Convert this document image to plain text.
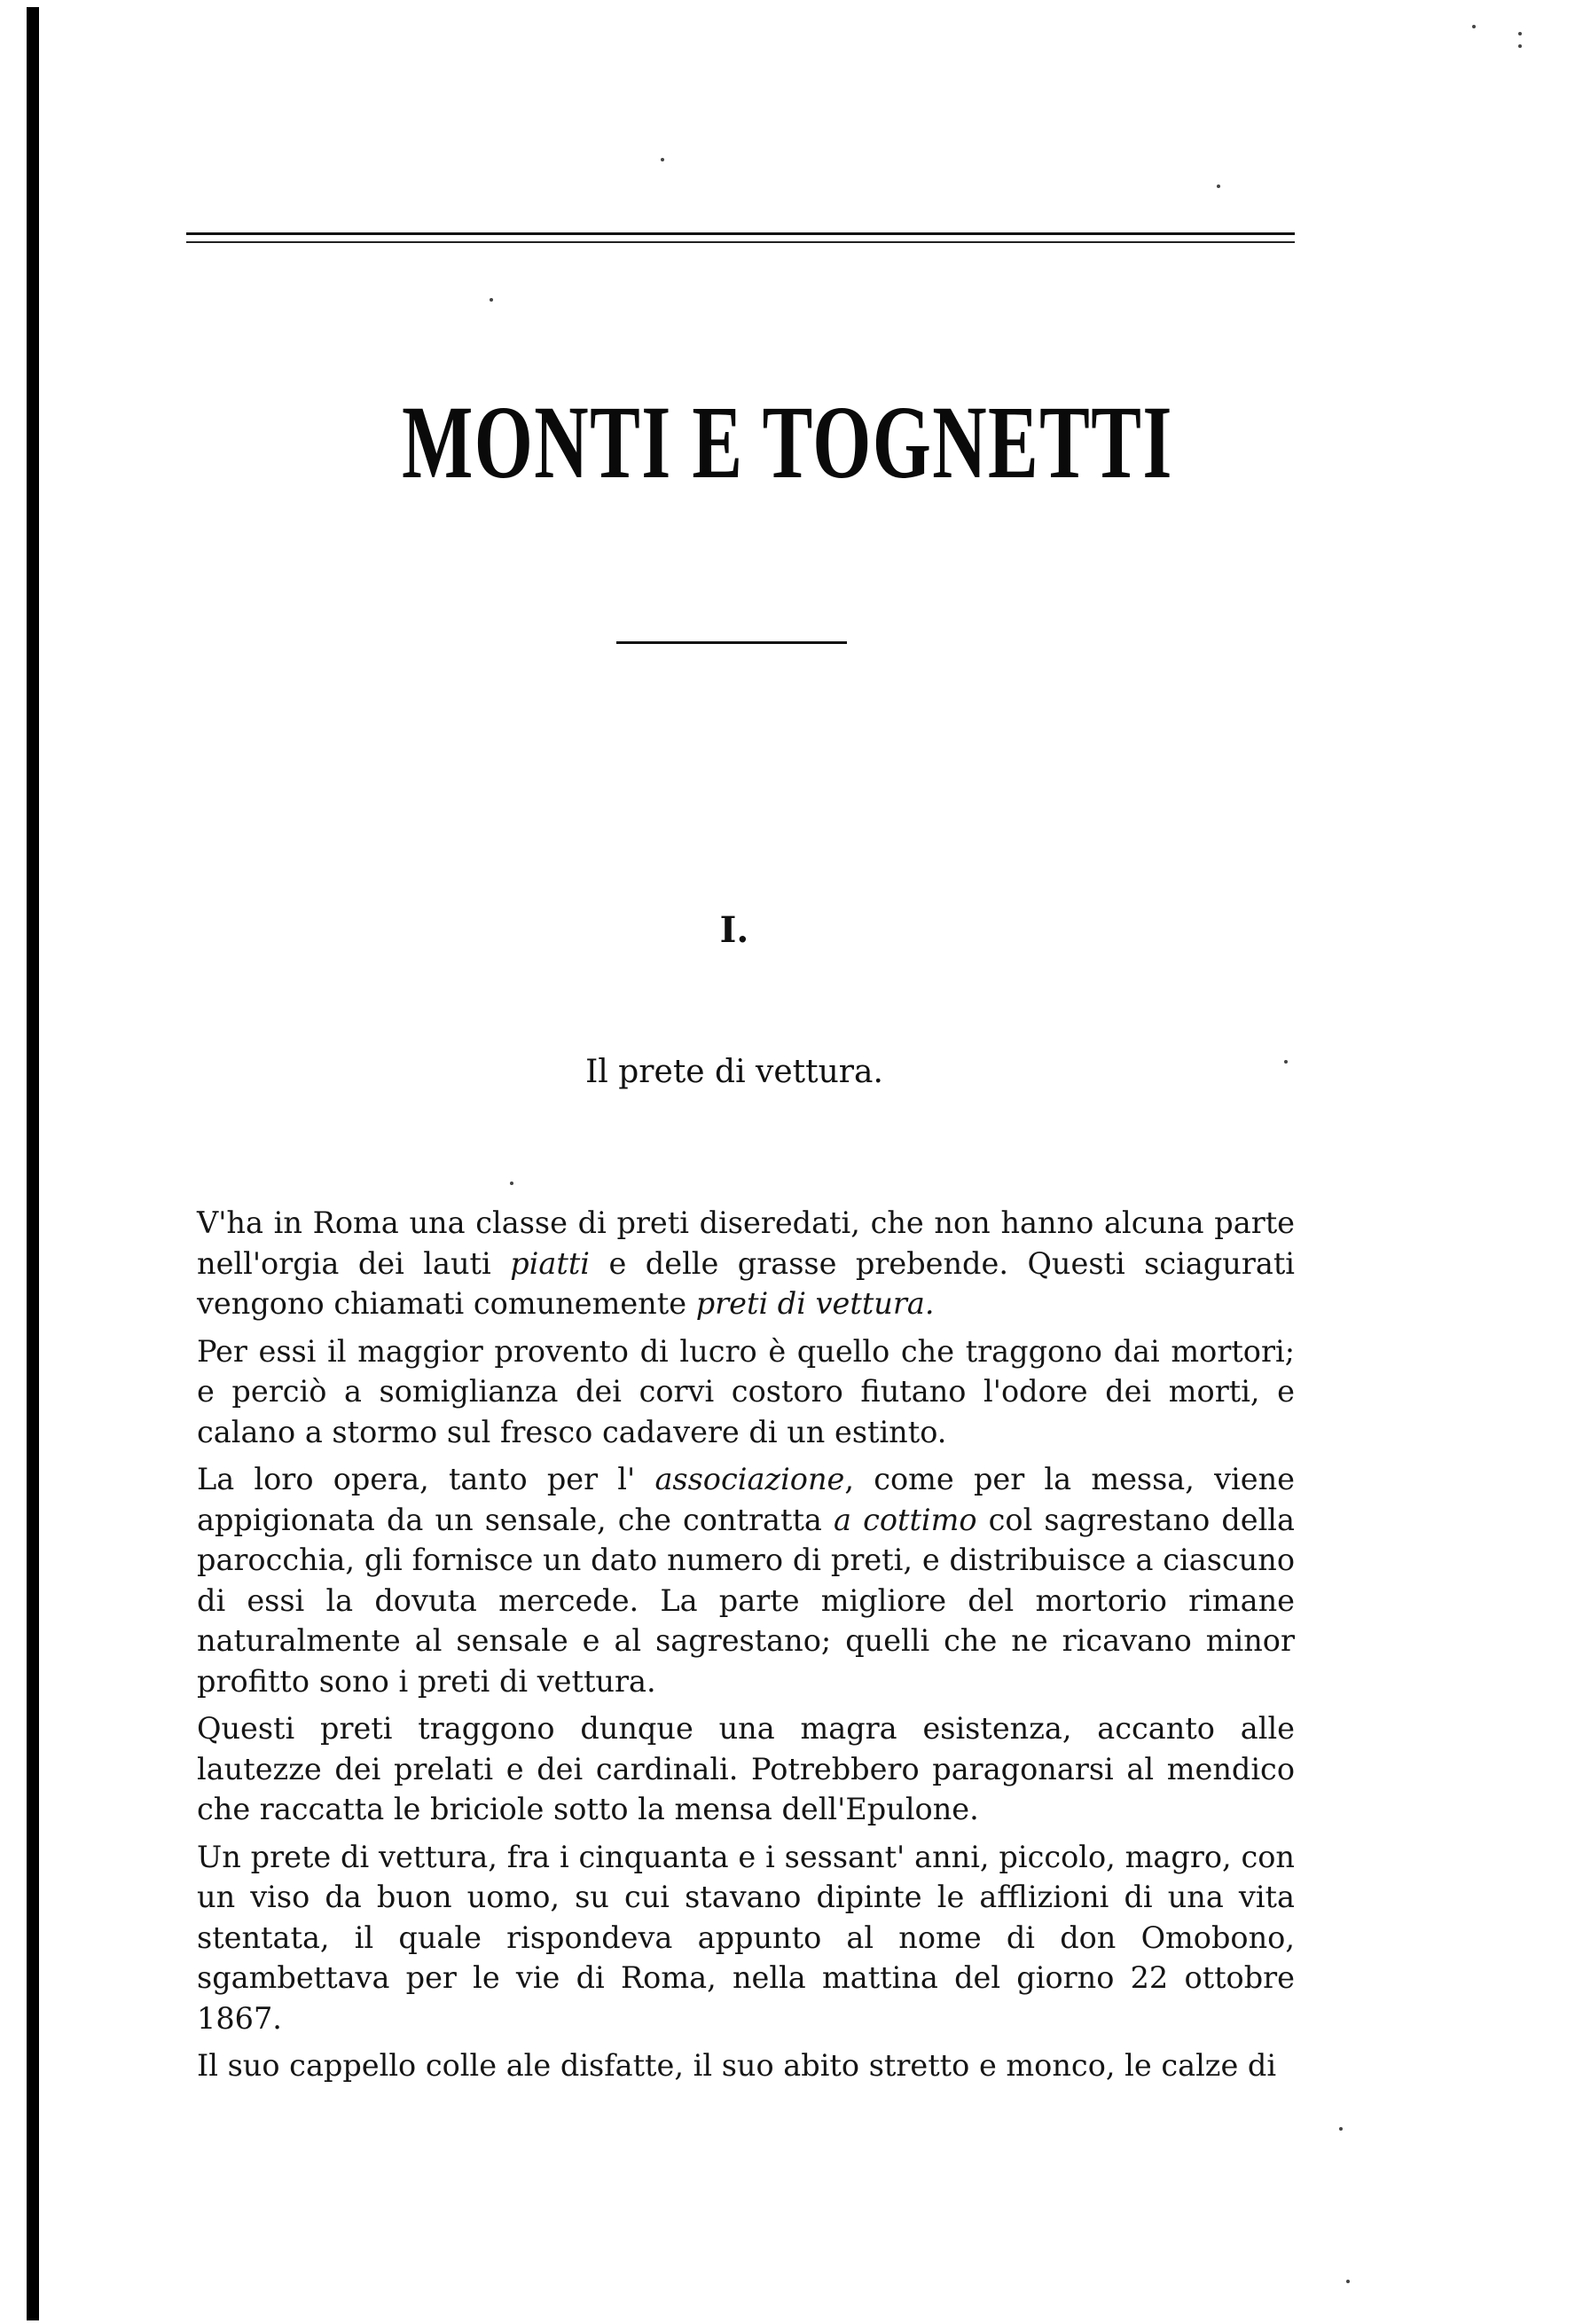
MONTI E TOGNETTI
I.
Il prete di vettura.

V'ha in Roma una classe di preti diseredati, che non hanno alcuna parte nell'orgia dei lauti piatti e delle grasse prebende. Questi sciagurati vengono chiamati comunemente preti di vettura.

Per essi il maggior provento di lucro è quello che traggono dai mortori; e perciò a somiglianza dei corvi costoro fiutano l'odore dei morti, e calano a stormo sul fresco cadavere di un estinto.

La loro opera, tanto per l' associazione, come per la messa, viene appigionata da un sensale, che contratta a cottimo col sagrestano della parocchia, gli fornisce un dato numero di preti, e distribuisce a ciascuno di essi la dovuta mercede. La parte migliore del mortorio rimane naturalmente al sensale e al sagrestano; quelli che ne ricavano minor profitto sono i preti di vettura.

Questi preti traggono dunque una magra esistenza, accanto alle lautezze dei prelati e dei cardinali. Potrebbero paragonarsi al mendico che raccatta le briciole sotto la mensa dell'Epulone.

Un prete di vettura, fra i cinquanta e i sessant' anni, piccolo, magro, con un viso da buon uomo, su cui stavano dipinte le afflizioni di una vita stentata, il quale rispondeva appunto al nome di don Omobono, sgambettava per le vie di Roma, nella mattina del giorno 22 ottobre 1867.

Il suo cappello colle ale disfatte, il suo abito stretto e monco, le calze di
